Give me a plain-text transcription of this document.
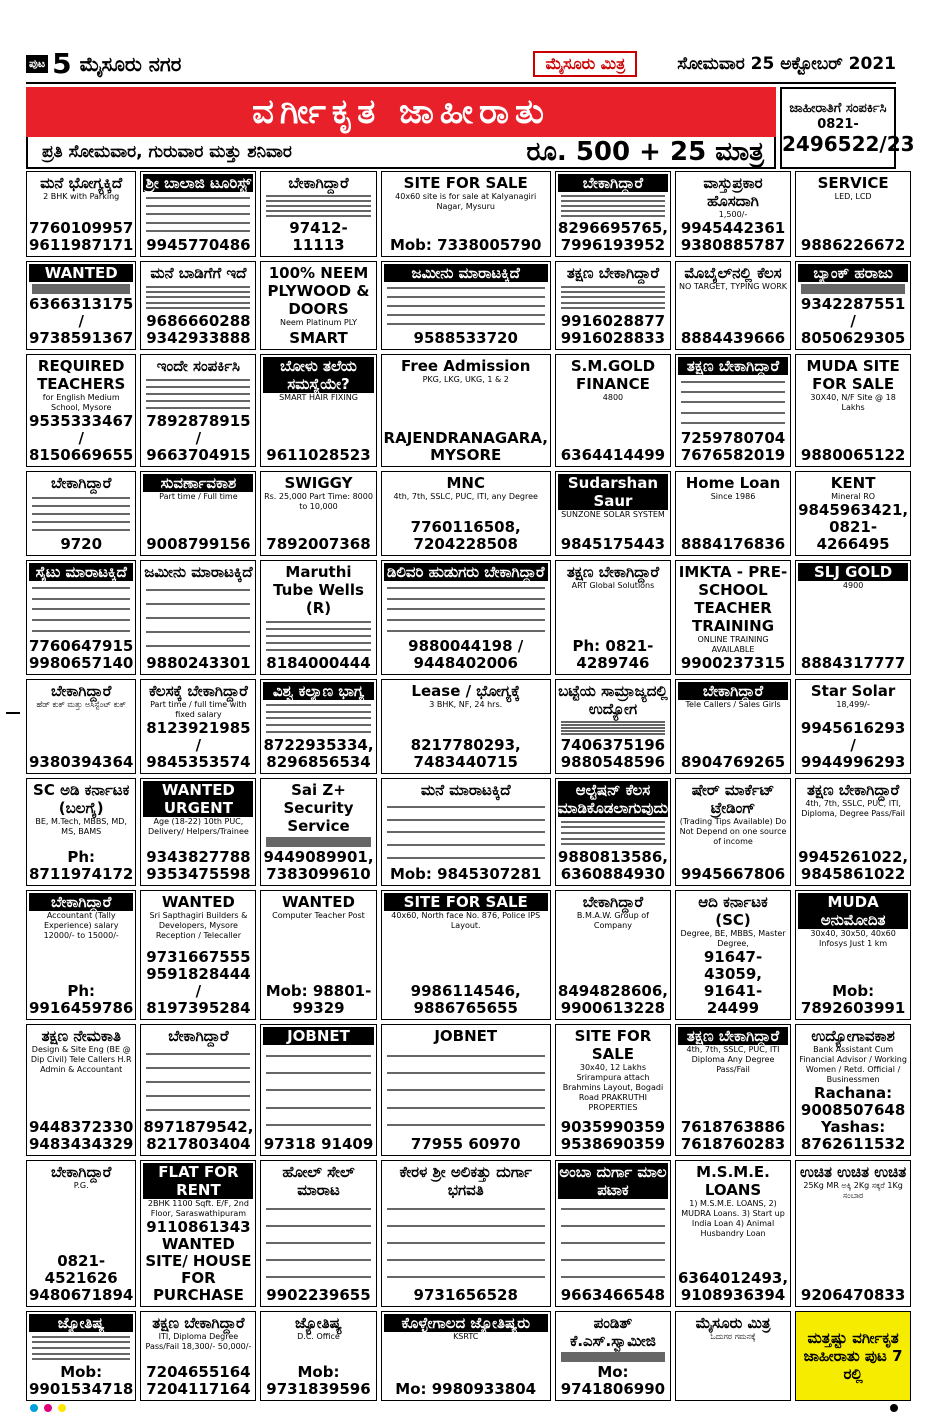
ಪುಟ 5 ಮೈಸೂರು ನಗರ	ಮೈಸೂರು ಮಿತ್ರ	ಸೋಮವಾರ 25 ಅಕ್ಟೋಬರ್ 2021
ವರ್ಗೀಕೃತ ಜಾಹೀರಾತು
ಪ್ರತಿ ಸೋಮವಾರ, ಗುರುವಾರ ಮತ್ತು ಶನಿವಾರ	ರೂ. 500 + 25 ಮಾತ್ರ
ಜಾಹೀರಾತಿಗೆ ಸಂಪರ್ಕಿಸಿ
0821-
2496522/23
ಮನೆ ಭೋಗ್ಯಕ್ಕಿದೆ
2 BHK with Parking
7760109957 9611987171
ಶ್ರೀ ಬಾಲಾಜಿ ಟೂರಿಸ್ಟ್
9945770486
ಬೇಕಾಗಿದ್ದಾರೆ
97412-11113
SITE FOR SALE
40x60 site is for sale at Kalyanagiri Nagar, Mysuru
Mob: 7338005790
ಬೇಕಾಗಿದ್ದಾರೆ
8296695765, 7996193952
ವಾಸ್ತುಪ್ರಕಾರ ಹೊಸದಾಗಿ
1,500/-
9945442361 9380885787
SERVICE
LED, LCD
9886226672
WANTED
6366313175 / 9738591367
ಮನೆ ಬಾಡಿಗೆಗೆ ಇದೆ
9686660288 9342933888
100% NEEM PLYWOOD & DOORS
Neem Platinum PLY
SMART
ಜಮೀನು ಮಾರಾಟಕ್ಕಿದೆ
9588533720
ತಕ್ಷಣ ಬೇಕಾಗಿದ್ದಾರೆ
9916028877 9916028833
ಮೊಬೈಲ್‌ನಲ್ಲಿ ಕೆಲಸ
NO TARGET, TYPING WORK
8884439666
ಬ್ಯಾಂಕ್ ಹರಾಜು
9342287551 / 8050629305
REQUIRED TEACHERS
for English Medium School, Mysore
9535333467 / 8150669655
ಇಂದೇ ಸಂಪರ್ಕಿಸಿ
7892878915 / 9663704915
ಬೋಳು ತಲೆಯ ಸಮಸ್ಯೆಯೇ?
SMART HAIR FIXING
9611028523
Free Admission
PKG, LKG, UKG, 1 & 2
RAJENDRANAGARA, MYSORE
S.M.GOLD FINANCE
4800
6364414499
ತಕ್ಷಣ ಬೇಕಾಗಿದ್ದಾರೆ
7259780704 7676582019
MUDA SITE FOR SALE
30X40, N/F Site @ 18 Lakhs
9880065122
ಬೇಕಾಗಿದ್ದಾರೆ
9720
ಸುವರ್ಣಾವಕಾಶ
Part time / Full time
9008799156
SWIGGY
Rs. 25,000 Part Time: 8000 to 10,000
7892007368
MNC
4th, 7th, SSLC, PUC, ITI, any Degree
7760116508, 7204228508
Sudarshan Saur
SUNZONE SOLAR SYSTEM
9845175443
Home Loan
Since 1986
8884176836
KENT
Mineral RO
9845963421, 0821-4266495
ಸೈಟು ಮಾರಾಟಕ್ಕಿದೆ
7760647915 9980657140
ಜಮೀನು ಮಾರಾಟಕ್ಕಿದೆ
9880243301
Maruthi Tube Wells (R)
8184000444
ಡಿಲಿವರಿ ಹುಡುಗರು ಬೇಕಾಗಿದ್ದಾರೆ
9880044198 / 9448402006
ತಕ್ಷಣ ಬೇಕಾಗಿದ್ದಾರೆ
ART Global Solutions
Ph: 0821-4289746
IMKTA - PRE-SCHOOL TEACHER TRAINING
ONLINE TRAINING AVAILABLE
9900237315
SLJ GOLD
4900
8884317777
ಬೇಕಾಗಿದ್ದಾರೆ
ಹೆಡ್ ಕುಕ್ ಮತ್ತು ಅಸಿಸ್ಟೆಂಟ್ ಕುಕ್
9380394364
ಕೆಲಸಕ್ಕೆ ಬೇಕಾಗಿದ್ದಾರೆ
Part time / full time with fixed salary
8123921985 / 9845353574
ವಿಶ್ವ ಕಲ್ಯಾಣ ಭಾಗ್ಯ
8722935334, 8296856534
Lease / ಭೋಗ್ಯಕ್ಕೆ
3 BHK, NF, 24 hrs.
8217780293, 7483440715
ಬಟ್ಟೆಯ ಸಾಮ್ರಾಜ್ಯದಲ್ಲಿ ಉದ್ಯೋಗ
7406375196 9880548596
ಬೇಕಾಗಿದ್ದಾರೆ
Tele Callers / Sales Girls
8904769265
Star Solar
18,499/-
9945616293 / 9944996293
SC ಅಡಿ ಕರ್ನಾಟಕ (ಬಲಗೈ)
BE, M.Tech, MBBS, MD, MS, BAMS
Ph: 8711974172
WANTED URGENT
Age (18-22) 10th PUC, Delivery/ Helpers/Trainee
9343827788 9353475598
Sai Z+ Security Service
9449089901, 7383099610
ಮನೆ ಮಾರಾಟಕ್ಕಿದೆ
Mob: 9845307281
ಆಲ್ಟೆಷನ್ ಕೆಲಸ ಮಾಡಿಕೊಡಲಾಗುವುದು
9880813586, 6360884930
ಷೇರ್ ಮಾರ್ಕೆಟ್ ಟ್ರೇಡಿಂಗ್
(Trading Tips Available) Do Not Depend on one source of income
9945667806
ತಕ್ಷಣ ಬೇಕಾಗಿದ್ದಾರೆ
4th, 7th, SSLC, PUC, ITI, Diploma, Degree Pass/Fail
9945261022, 9845861022
ಬೇಕಾಗಿದ್ದಾರೆ
Accountant (Tally Experience) salary 12000/- to 15000/-
Ph: 9916459786
WANTED
Sri Sapthagiri Builders & Developers, Mysore Reception / Telecaller
9731667555 9591828444 / 8197395284
WANTED
Computer Teacher Post
Mob: 98801-99329
SITE FOR SALE
40x60, North face No. 876, Police IPS Layout.
9986114546, 9886765655
ಬೇಕಾಗಿದ್ದಾರೆ
B.M.A.W. Group of Company
8494828606, 9900613228
ಆದಿ ಕರ್ನಾಟಕ (SC)
Degree, BE, MBBS, Master Degree,
91647-43059, 91641-24499
MUDA ಅನುಮೋದಿತ
30x40, 30x50, 40x60 Infosys Just 1 km
Mob: 7892603991
ತಕ್ಷಣ ನೇಮಕಾತಿ
Design & Site Eng (BE @ Dip Civil) Tele Callers H.R Admin & Accountant
9448372330 9483434329
ಬೇಕಾಗಿದ್ದಾರೆ
8971879542, 8217803404
JOBNET
97318 91409
JOBNET
77955 60970
SITE FOR SALE
30x40, 12 Lakhs Srirampura attach Brahmins Layout, Bogadi Road PRAKRUTHI PROPERTIES
9035990359 9538690359
ತಕ್ಷಣ ಬೇಕಾಗಿದ್ದಾರೆ
4th, 7th, SSLC, PUC, ITI Diploma Any Degree Pass/Fail
7618763886 7618760283
ಉದ್ಯೋಗಾವಕಾಶ
Bank Assistant Cum Financial Advisor / Working Women / Retd. Official / Businessmen
Rachana: 9008507648 Yashas: 8762611532
ಬೇಕಾಗಿದ್ದಾರೆ
P.G.
0821-4521626 9480671894
FLAT FOR RENT
2BHK 1100 Sqft. E/F, 2nd Floor, Saraswathipuram
9110861343 WANTED SITE/ HOUSE FOR PURCHASE
ಹೋಲ್ ಸೇಲ್ ಮಾರಾಟ
9902239655
ಕೇರಳ ಶ್ರೀ ಅಲಿಕತ್ತು ದುರ್ಗಾ ಭಗವತಿ
9731656528
ಅಂಬಾ ದುರ್ಗಾ ಮಾಲ ಪಟಾಕ
9663466548
M.S.M.E. LOANS
1) M.S.M.E. LOANS, 2) MUDRA Loans. 3) Start up India Loan 4) Animal Husbandry Loan
6364012493, 9108936394
ಉಚಿತ ಉಚಿತ ಉಚಿತ
25Kg MR ಅಕ್ಕಿ 2Kg ಸಕ್ಕರೆ 1Kg ಸಂಬಾರ
9206470833
ಜ್ಯೋತಿಷ್ಯ
Mob: 9901534718
ತಕ್ಷಣ ಬೇಕಾಗಿದ್ದಾರೆ
ITI, Diploma Degree Pass/Fail 18,300/- 50,000/-
7204655164 7204117164
ಜ್ಯೋತಿಷ್ಯ
D.C. Office
Mob: 9731839596
ಕೊಳ್ಳೇಗಾಲದ ಜ್ಯೋತಿಷ್ಯರು
KSRTC
Mo: 9980933804
ಪಂಡಿತ್ ಕೆ.ಎಸ್.ಸ್ವಾಮೀಜಿ
Mo: 9741806990
ಮೈಸೂರು ಮಿತ್ರ
ಓದುಗರ ಗಮನಕ್ಕೆ	ಮತ್ತಷ್ಟು ವರ್ಗೀಕೃತ ಜಾಹೀರಾತು ಪುಟ 7 ರಲ್ಲಿ
